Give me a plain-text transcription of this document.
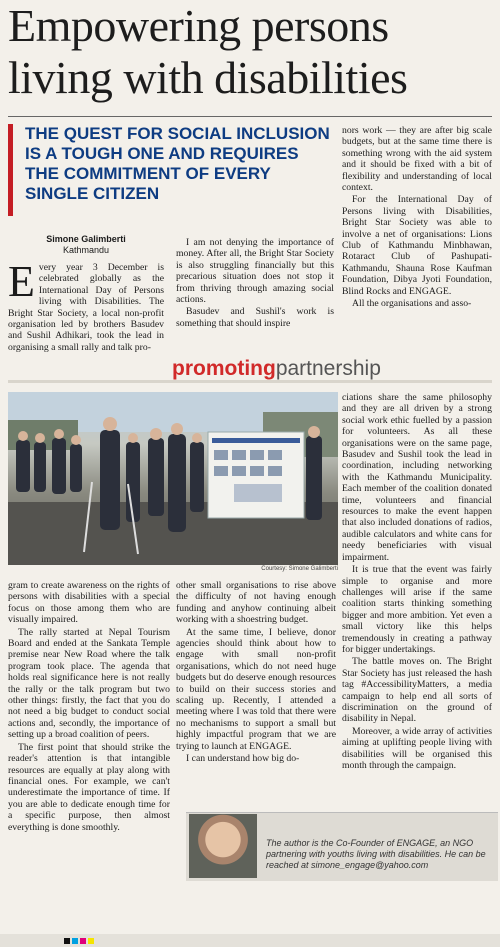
Empowering persons
living with disabilities
THE QUEST FOR SOCIAL INCLUSION
IS A TOUGH ONE AND REQUIRES
THE COMMITMENT OF EVERY
SINGLE CITIZEN
Simone Galimberti
Kathmandu

Every year 3 December is celebrated globally as the International Day of Persons living with Disabilities. The Bright Star Society, a local non-profit organisation led by brothers Basudev and Sushil Adhikari, took the lead in organising a small rally and talk pro-

I am not denying the importance of money. After all, the Bright Star Society is also struggling financially but this precarious situation does not stop it from thriving through amazing social actions.

Basudev and Sushil's work is something that should inspire

nors work — they are after big scale budgets, but at the same time there is something wrong with the aid system and it should be fixed with a bit of flexibility and understanding of local context.

For the International Day of Persons living with Disabilities, Bright Star Society was able to involve a net of organisations: Lions Club of Kathmandu Minbhawan, Rotaract Club of Pashupati-Kathmandu, Shauna Rose Kaufman Foundation, Dibya Jyoti Foundation, Blind Rocks and ENGAGE.

All the organisations and asso-

promotingpartnership
Courtesy: Simone Galimberti

ciations share the same philosophy and they are all driven by a strong social work ethic fuelled by a passion for volunteers. As all these organisations were on the same page, Basudev and Sushil took the lead in coordination, including networking with the Kathmandu Municipality. Each member of the coalition donated time, volunteers and financial resources to make the event happen that also included donations of radios, audible calculators and white cans for needy beneficiaries with visual impairment.

It is true that the event was fairly simple to organise and more challenges will arise if the same coalition starts thinking something bigger and more ambition. Yet even a small victory like this helps tremendously in creating a pathway for bigger undertakings.

The battle moves on. The Bright Star Society has just released the hash tag #AccessibilityMatters, a media campaign to help end all sorts of discrimination on the ground of disability in Nepal.

Moreover, a wide array of activities aiming at uplifting people living with disabilities will be organised this month through the campaign.

gram to create awareness on the rights of persons with disabilities with a special focus on those among them who are visually impaired.

The rally started at Nepal Tourism Board and ended at the Sankata Temple premise near New Road where the talk program took place. The agenda that holds real significance here is not really the rally or the talk program but two other things: firstly, the fact that you do not need a big budget to conduct social actions and, secondly, the importance of setting up a broad coalition of peers.

The first point that should strike the reader's attention is that intangible resources are equally at play along with financial ones. For example, we can't underestimate the importance of time. If you are able to dedicate enough time for a specific purpose, then almost everything is done smoothly.

other small organisations to rise above the difficulty of not having enough funding and anyhow continuing albeit working with a shoestring budget.

At the same time, I believe, donor agencies should think about how to engage with small non-profit organisations, which do not need huge budgets but do deserve enough resources to build on their success stories and scaling up. Recently, I attended a meeting where I was told that there were no mechanisms to support a small but highly impactful program that we are trying to launch at ENGAGE.

I can understand how big do-

The author is the Co-Founder of ENGAGE, an NGO partnering with youths living with disabilities. He can be reached at simone_engage@yahoo.com
